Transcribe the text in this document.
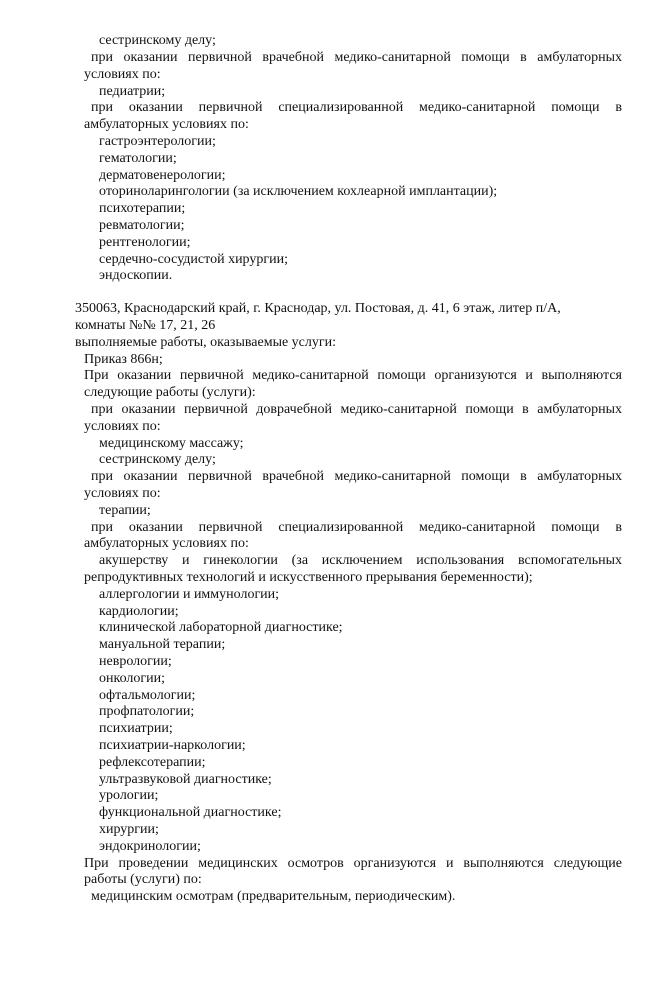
сестринскому делу;
при оказании первичной врачебной медико-санитарной помощи в амбулаторных
условиях по:
педиатрии;
при оказании первичной специализированной медико-санитарной помощи в
амбулаторных условиях по:
гастроэнтерологии;
гематологии;
дерматовенерологии;
оториноларингологии (за исключением кохлеарной имплантации);
психотерапии;
ревматологии;
рентгенологии;
сердечно-сосудистой хирургии;
эндоскопии.
350063, Краснодарский край, г. Краснодар, ул. Постовая, д. 41, 6 этаж, литер п/А,
комнаты №№ 17, 21, 26
выполняемые работы, оказываемые услуги:
Приказ 866н;
При оказании первичной медико-санитарной помощи организуются и выполняются
следующие работы (услуги):
при оказании первичной доврачебной медико-санитарной помощи в амбулаторных
условиях по:
медицинскому массажу;
сестринскому делу;
при оказании первичной врачебной медико-санитарной помощи в амбулаторных
условиях по:
терапии;
при оказании первичной специализированной медико-санитарной помощи в
амбулаторных условиях по:
акушерству и гинекологии (за исключением использования вспомогательных
репродуктивных технологий и искусственного прерывания беременности);
аллергологии и иммунологии;
кардиологии;
клинической лабораторной диагностике;
мануальной терапии;
неврологии;
онкологии;
офтальмологии;
профпатологии;
психиатрии;
психиатрии-наркологии;
рефлексотерапии;
ультразвуковой диагностике;
урологии;
функциональной диагностике;
хирургии;
эндокринологии;
При проведении медицинских осмотров организуются и выполняются следующие
работы (услуги) по:
медицинским осмотрам (предварительным, периодическим).
